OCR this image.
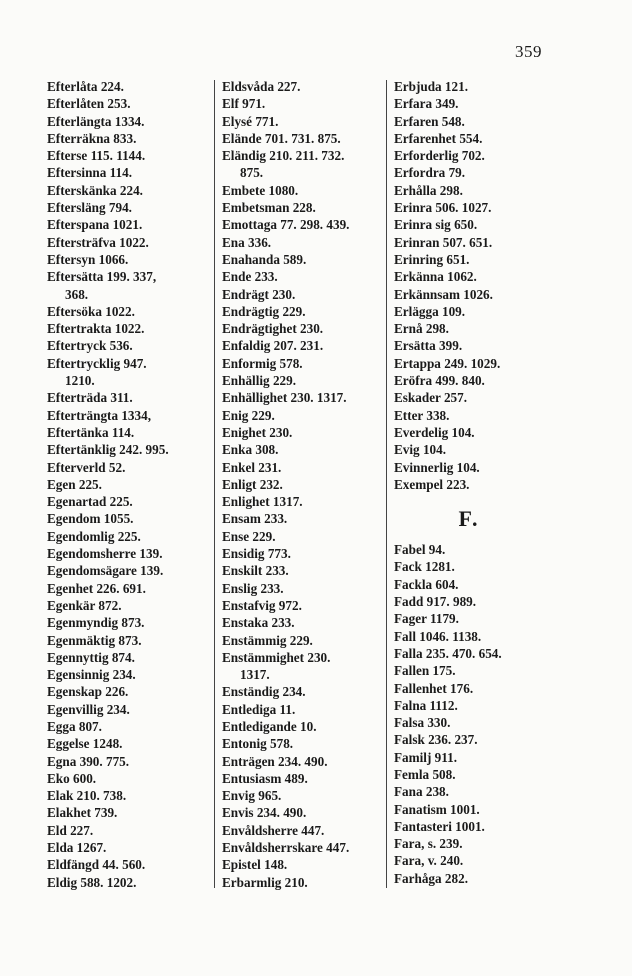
359
Efterlåta 224.
Efterlåten 253.
Efterlängta 1334.
Efterräkna 833.
Efterse 115. 1144.
Eftersinna 114.
Efterskänka 224.
Eftersläng 794.
Efterspana 1021.
Eftersträfva 1022.
Eftersyn 1066.
Eftersätta 199. 337,
368.
Eftersöka 1022.
Eftertrakta 1022.
Eftertryck 536.
Eftertrycklig 947.
1210.
Efterträda 311.
Efterträngta 1334,
Eftertänka 114.
Eftertänklig 242. 995.
Efterverld 52.
Egen 225.
Egenartad 225.
Egendom 1055.
Egendomlig 225.
Egendomsherre 139.
Egendomsägare 139.
Egenhet 226. 691.
Egenkär 872.
Egenmyndig 873.
Egenmäktig 873.
Egennyttig 874.
Egensinnig 234.
Egenskap 226.
Egenvillig 234.
Egga 807.
Eggelse 1248.
Egna 390. 775.
Eko 600.
Elak 210. 738.
Elakhet 739.
Eld 227.
Elda 1267.
Eldfängd 44. 560.
Eldig 588. 1202.
Eldsvåda 227.
Elf 971.
Elysé 771.
Elände 701. 731. 875.
Eländig 210. 211. 732.
875.
Embete 1080.
Embetsman 228.
Emottaga 77. 298. 439.
Ena 336.
Enahanda 589.
Ende 233.
Endrägt 230.
Endrägtig 229.
Endrägtighet 230.
Enfaldig 207. 231.
Enformig 578.
Enhällig 229.
Enhällighet 230. 1317.
Enig 229.
Enighet 230.
Enka 308.
Enkel 231.
Enligt 232.
Enlighet 1317.
Ensam 233.
Ense 229.
Ensidig 773.
Enskilt 233.
Enslig 233.
Enstafvig 972.
Enstaka 233.
Enstämmig 229.
Enstämmighet 230.
1317.
Enständig 234.
Entlediga 11.
Entledigande 10.
Entonig 578.
Enträgen 234. 490.
Entusiasm 489.
Envig 965.
Envis 234. 490.
Envåldsherre 447.
Envåldsherrskare 447.
Epistel 148.
Erbarmlig 210.
Erbjuda 121.
Erfara 349.
Erfaren 548.
Erfarenhet 554.
Erforderlig 702.
Erfordra 79.
Erhålla 298.
Erinra 506. 1027.
Erinra sig 650.
Erinran 507. 651.
Erinring 651.
Erkänna 1062.
Erkännsam 1026.
Erlägga 109.
Ernå 298.
Ersätta 399.
Ertappa 249. 1029.
Eröfra 499. 840.
Eskader 257.
Etter 338.
Everdelig 104.
Evig 104.
Evinnerlig 104.
Exempel 223.
F.
Fabel 94.
Fack 1281.
Fackla 604.
Fadd 917. 989.
Fager 1179.
Fall 1046. 1138.
Falla 235. 470. 654.
Fallen 175.
Fallenhet 176.
Falna 1112.
Falsa 330.
Falsk 236. 237.
Familj 911.
Femla 508.
Fana 238.
Fanatism 1001.
Fantasteri 1001.
Fara, s. 239.
Fara, v. 240.
Farhåga 282.
